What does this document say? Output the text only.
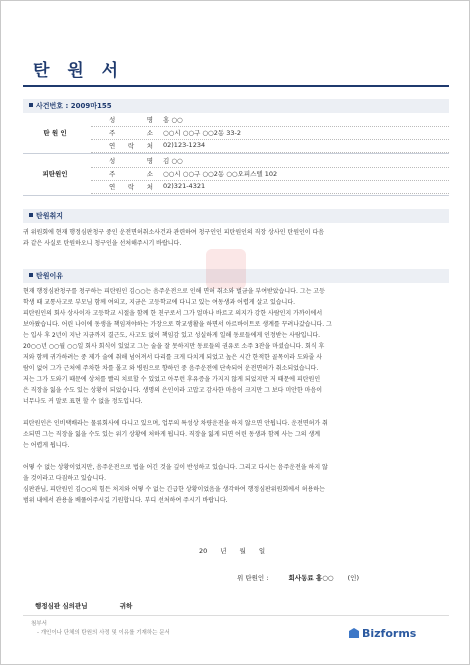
탄 원 서
사건번호 : 2009마155
탄 원 인
성 명 홍 ○○
주 소 ○○시 ○○구 ○○2동 33-2
연 락 처 02)123-1234
피탄원인
성 명 김 ○○
주 소 ○○시 ○○구 ○○2동 ○○오피스텔 102
연 락 처 02)321-4321
탄원취지

귀 위원회에 현재 행정심판청구 중인 운전면허취소사건과 관련하여 청구인인 피탄원인의 직장 상사인 탄원인이 다음

과 같은 사실로 탄원하오니 청구인을 선처해주시기 바랍니다.

탄원이유

현재 행정심판청구를 청구하는 피탄원인 김○○는 음주운전으로 인해 면허 취소와 벌금을 부여받았습니다. 그는 고등

학생 때 교통사고로 부모님 함께 여의고, 지금은 고등학교에 다니고 있는 여동생과 어렵게 살고 있습니다.

피탄원인의 회사 상사이자 고등학교 시절을 함께 한 친구로서 그가 얼마나 바르고 의지가 강한 사람인지 가까이에서

보아왔습니다. 어린 나이에 동생을 책임져야하는 가장으로 학교생활을 하면서 아르바이트로 생계를 꾸려나갔습니다. 그

는 입사 후 2년이 지난 지금까지 결근도, 사고도 없이 책임감 있고 성실하게 일해 동료들에게 인정받는 사람입니다.

20○○년 ○○월 ○○일 회사 회식이 있었고 그는 술을 잘 못하지만 동료들의 권유로 소주 3잔을 마셨습니다. 회식 후

저와 함께 귀가하려는 중 제가 술에 취해 넘어져서 다리를 크게 다치게 되었고 높은 시간 한적한 골목이라 도와줄 사

람이 없어 그가 근처에 주차한 차를 몰고 와 병원으로 향하던 중 음주운전에 단속되어 운전면허가 취소되었습니다.

저는 그가 도와기 때문에 상처를 빨리 치료할 수 있었고 아무런 후유증을 가지지 않게 되었지만 저 때문에 피탄원인

은 직장을 잃을 수도 있는 상황이 되었습니다. 생명의 은인이라 고맙고 감사한 마음이 크지만 그 보다 미안한 마음이

너무나도 커 말로 표현 할 수 없을 정도입니다.

피탄원인은 인비택배라는 물류회사에 다니고 있으며, 업무의 특성상 차량운전을 하지 않으면 안됩니다. 운전면허가 취

소되면 그는 직장을 잃을 수도 있는 위기 상황에 처하게 됩니다. 직장을 잃게 되면 어린 동생과 함께 사는 그의 생계

는 어렵게 됩니다.

어떻 수 없는 상황이었지만, 음주운전으로 법을 어긴 것을 깊이 반성하고 있습니다. 그리고 다시는 음주운전을 하지 않

을 것이라고 다짐하고 있습니다.

심판관님, 피탄원인 김○○의 힘든 처지와 어떻 수 없는 긴급한 상황이었음을 생각하여 행정심판위원회에서 허용하는

범위 내에서 관용을 베풀어주시길 기원합니다. 부디 선처하여 주시기 바랍니다.

20　　년　　월　　일
위 탄원인 :	회사동료 홍○○ (인)
행정심판 심의관님	귀하
첨부서
- 개인이나 단체의 탄원의 사정 및 이유를 기재하는 문서	Bizforms
